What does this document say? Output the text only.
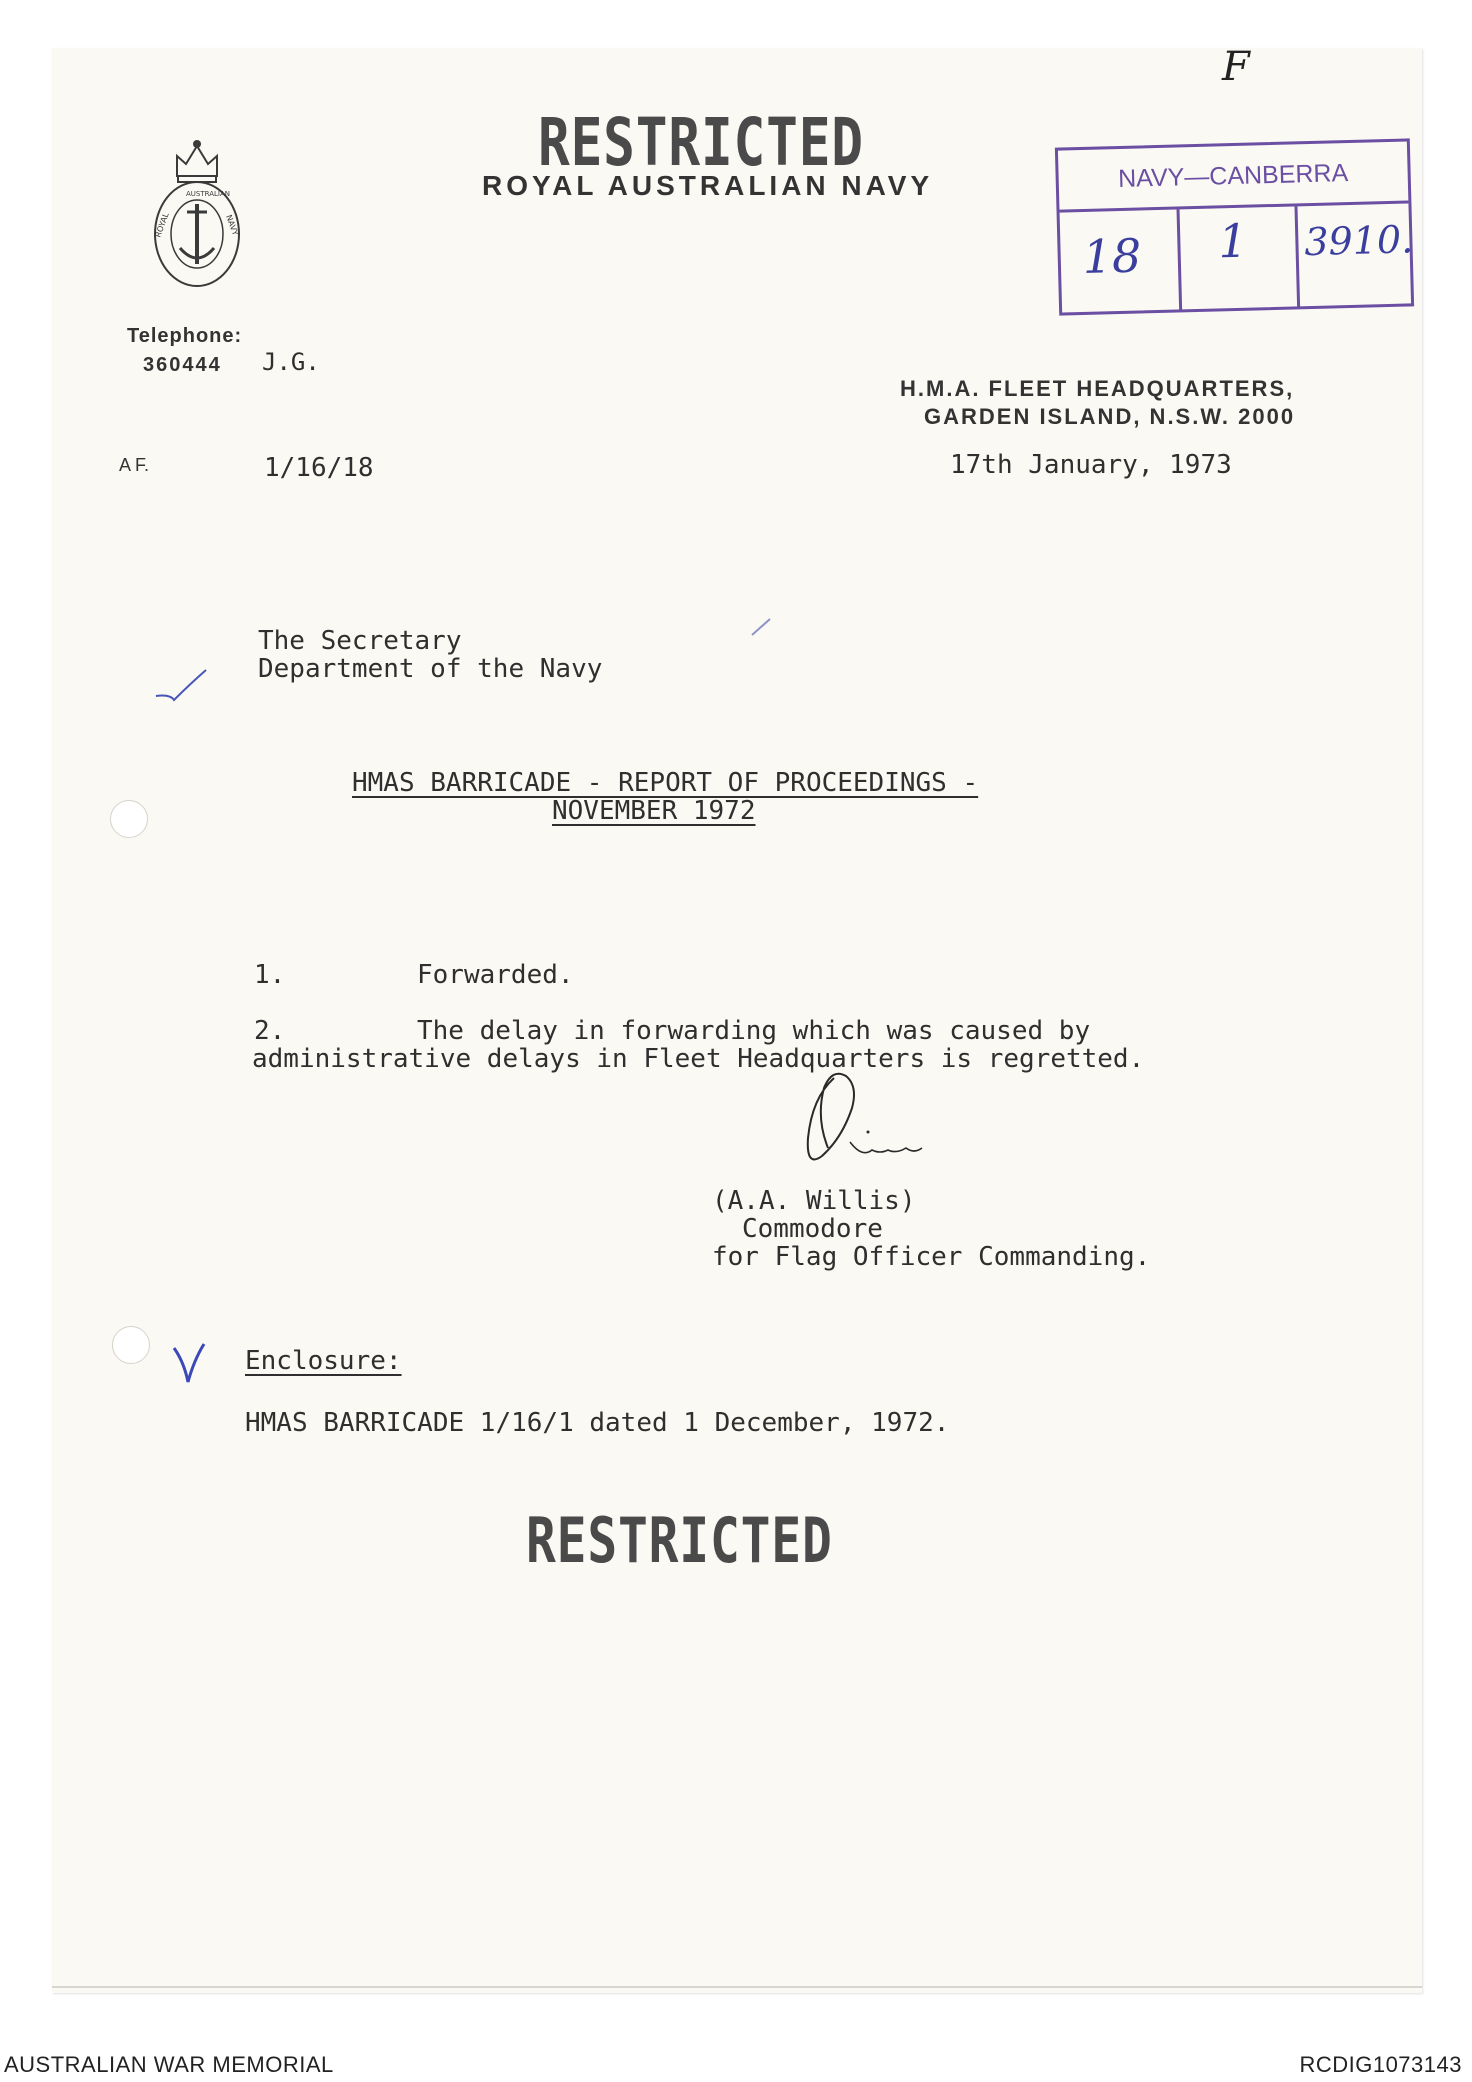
ROYAL	NAVY
AUSTRALIAN
RESTRICTED
ROYAL AUSTRALIAN NAVY
F
NAVY—CANBERRA
18 1 3910.
Telephone:
360444 J.G.
H.M.A. FLEET HEADQUARTERS,
GARDEN ISLAND, N.S.W. 2000
A F.	1/16/18	17th January, 1973
The Secretary
Department of the Navy
HMAS BARRICADE - REPORT OF PROCEEDINGS -
NOVEMBER 1972
1.	Forwarded.
2.	The delay in forwarding which was caused by
administrative delays in Fleet Headquarters is regretted.
(A.A. Willis)
Commodore
for Flag Officer Commanding.
Enclosure:
HMAS BARRICADE 1/16/1 dated 1 December, 1972.
RESTRICTED
AUSTRALIAN WAR MEMORIAL	RCDIG1073143
